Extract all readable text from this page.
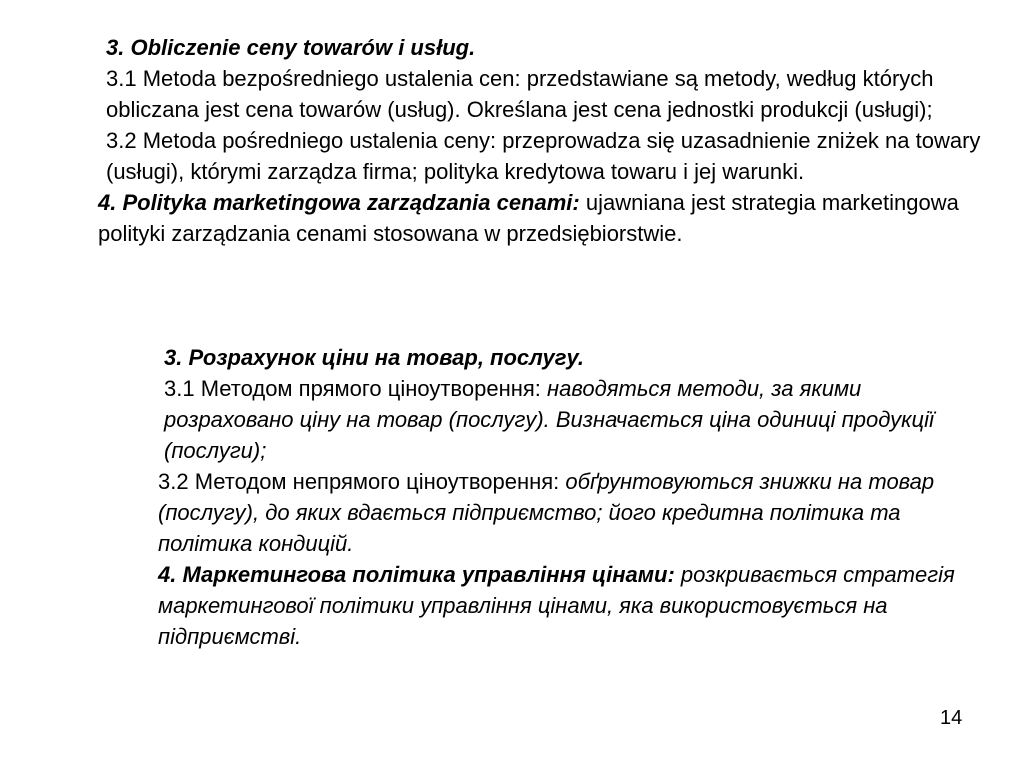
3. Obliczenie ceny towarów i usług.

3.1 Metoda bezpośredniego ustalenia cen: przedstawiane są metody, według których obliczana jest cena towarów (usług). Określana jest cena jednostki produkcji (usługi);

3.2 Metoda pośredniego ustalenia ceny: przeprowadza się uzasadnienie zniżek na towary (usługi), którymi zarządza firma; polityka kredytowa towaru i jej warunki.

4. Polityka marketingowa zarządzania cenami: ujawniana jest strategia marketingowa polityki zarządzania cenami stosowana w przedsiębiorstwie.

3. Розрахунок ціни на товар, послугу.

3.1 Методом прямого ціноутворення: наводяться методи, за якими розраховано ціну на товар (послугу). Визначається ціна одиниці продукції (послуги);

3.2 Методом непрямого ціноутворення: обґрунтовуються знижки на товар (послугу), до яких вдається підприємство; його кредитна політика та політика кондицій.

4. Маркетингова політика управління цінами: розкривається стратегія маркетингової політики управління цінами, яка використовується на підприємстві.

14
